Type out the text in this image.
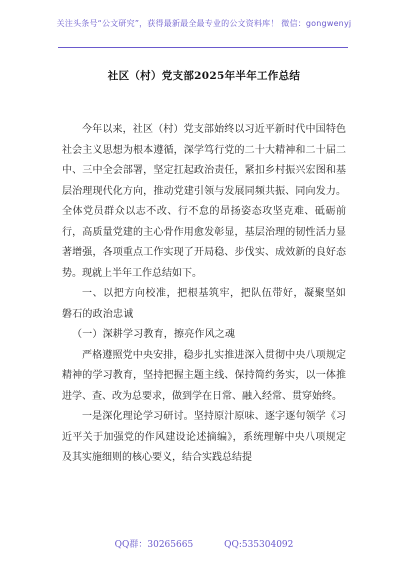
关注头条号“公文研究”，获得最新最全最专业的公文资料库！ 微信：gongwenyj
社区（村）党支部2025年半年工作总结

今年以来，社区（村）党支部始终以习近平新时代中国特色社会主义思想为根本遵循，深学笃行党的二十大精神和二十届二中、三中全会部署，坚定扛起政治责任，紧扣乡村振兴宏图和基层治理现代化方向，推动党建引领与发展同频共振、同向发力。全体党员群众以志不改、行不怠的昂扬姿态攻坚克难、砥砺前行，高质量党建的主心骨作用愈发彰显，基层治理的韧性活力显著增强，各项重点工作实现了开局稳、步伐实、成效新的良好态势。现就上半年工作总结如下。

一、以把方向校准，把根基筑牢，把队伍带好，凝聚坚如磐石的政治忠诚

（一）深耕学习教育，擦亮作风之魂

严格遵照党中央安排，稳步扎实推进深入贯彻中央八项规定精神的学习教育，坚持把握主题主线、保持简约务实，以一体推进学、查、改为总要求，做到学在日常、融入经常、贯穿始终。

一是深化理论学习研讨。坚持原汁原味、逐字逐句领学《习近平关于加强党的作风建设论述摘编》，系统理解中央八项规定及其实施细则的核心要义，结合实践总结提

QQ群：30265665	QQ:535304092
